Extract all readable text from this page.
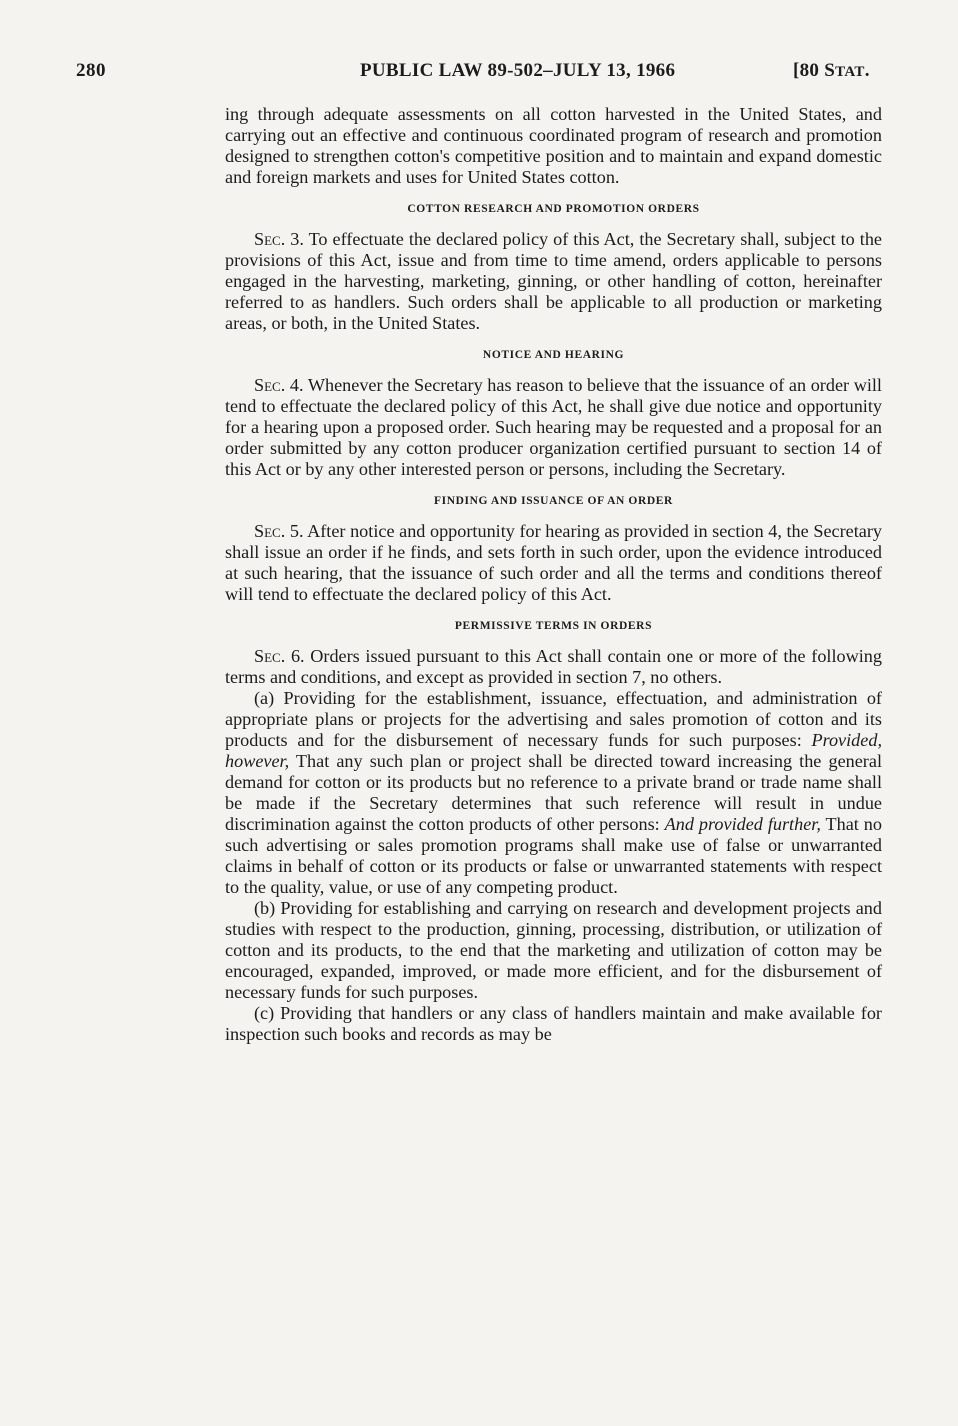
280	PUBLIC LAW 89-502–JULY 13, 1966	[80 STAT.

ing through adequate assessments on all cotton harvested in the United States, and carrying out an effective and continuous coordinated program of research and promotion designed to strengthen cotton's competitive position and to maintain and expand domestic and foreign markets and uses for United States cotton.

COTTON RESEARCH AND PROMOTION ORDERS

Sec. 3. To effectuate the declared policy of this Act, the Secretary shall, subject to the provisions of this Act, issue and from time to time amend, orders applicable to persons engaged in the harvesting, marketing, ginning, or other handling of cotton, hereinafter referred to as handlers. Such orders shall be applicable to all production or marketing areas, or both, in the United States.

NOTICE AND HEARING

Sec. 4. Whenever the Secretary has reason to believe that the issuance of an order will tend to effectuate the declared policy of this Act, he shall give due notice and opportunity for a hearing upon a proposed order. Such hearing may be requested and a proposal for an order submitted by any cotton producer organization certified pursuant to section 14 of this Act or by any other interested person or persons, including the Secretary.

FINDING AND ISSUANCE OF AN ORDER

Sec. 5. After notice and opportunity for hearing as provided in section 4, the Secretary shall issue an order if he finds, and sets forth in such order, upon the evidence introduced at such hearing, that the issuance of such order and all the terms and conditions thereof will tend to effectuate the declared policy of this Act.

PERMISSIVE TERMS IN ORDERS

Sec. 6. Orders issued pursuant to this Act shall contain one or more of the following terms and conditions, and except as provided in section 7, no others.

(a) Providing for the establishment, issuance, effectuation, and administration of appropriate plans or projects for the advertising and sales promotion of cotton and its products and for the disbursement of necessary funds for such purposes: Provided, however, That any such plan or project shall be directed toward increasing the general demand for cotton or its products but no reference to a private brand or trade name shall be made if the Secretary determines that such reference will result in undue discrimination against the cotton products of other persons: And provided further, That no such advertising or sales promotion programs shall make use of false or unwarranted claims in behalf of cotton or its products or false or unwarranted statements with respect to the quality, value, or use of any competing product.

(b) Providing for establishing and carrying on research and development projects and studies with respect to the production, ginning, processing, distribution, or utilization of cotton and its products, to the end that the marketing and utilization of cotton may be encouraged, expanded, improved, or made more efficient, and for the disbursement of necessary funds for such purposes.

(c) Providing that handlers or any class of handlers maintain and make available for inspection such books and records as may be
